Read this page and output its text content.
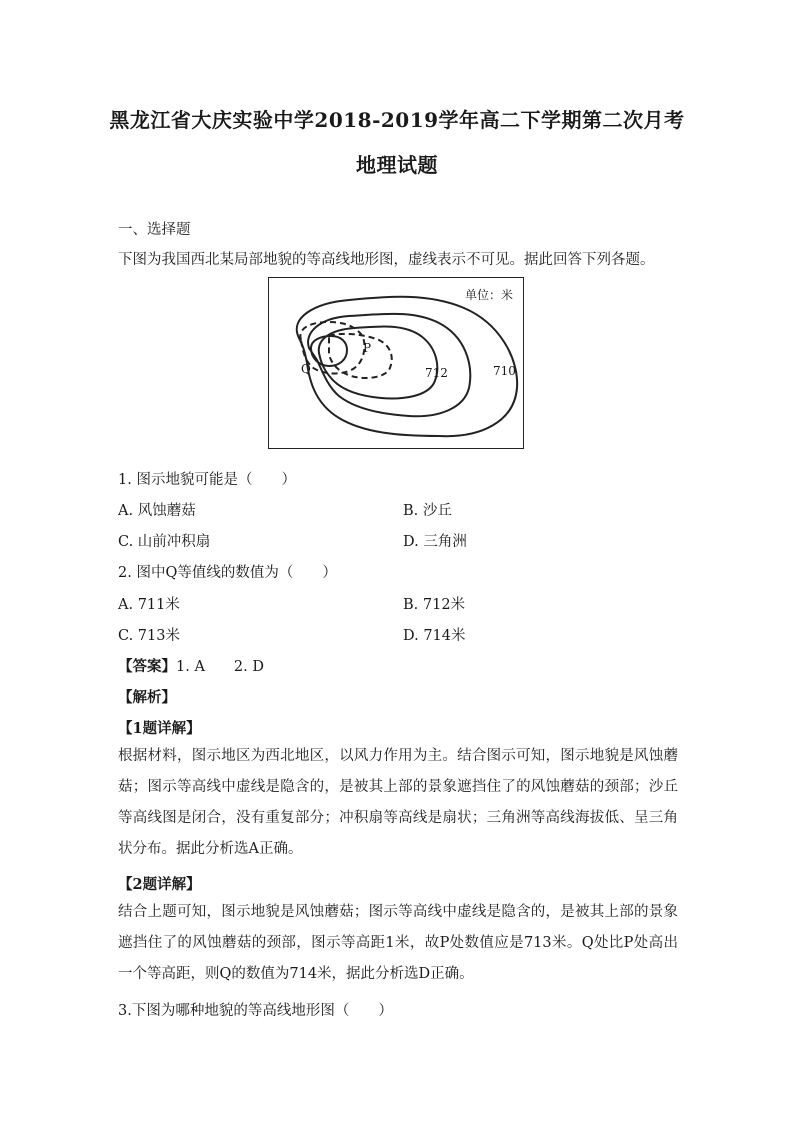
黑龙江省大庆实验中学2018-2019学年高二下学期第二次月考
地理试题
一、选择题
下图为我国西北某局部地貌的等高线地形图，虚线表示不可见。据此回答下列各题。
单位：米
P
Q	712	710
1. 图示地貌可能是（　　）
A. 风蚀蘑菇	B. 沙丘
C. 山前冲积扇	D. 三角洲
2. 图中Q等值线的数值为（　　）
A. 711米	B. 712米
C. 713米	D. 714米
【答案】1. A　　2. D
【解析】
【1题详解】
根据材料，图示地区为西北地区，以风力作用为主。结合图示可知，图示地貌是风蚀蘑菇；图示等高线中虚线是隐含的，是被其上部的景象遮挡住了的风蚀蘑菇的颈部；沙丘等高线图是闭合，没有重复部分；冲积扇等高线是扇状；三角洲等高线海拔低、呈三角状分布。据此分析选A正确。
【2题详解】
结合上题可知，图示地貌是风蚀蘑菇；图示等高线中虚线是隐含的，是被其上部的景象遮挡住了的风蚀蘑菇的颈部，图示等高距1米，故P处数值应是713米。Q处比P处高出一个等高距，则Q的数值为714米，据此分析选D正确。
3.下图为哪种地貌的等高线地形图（　　）
